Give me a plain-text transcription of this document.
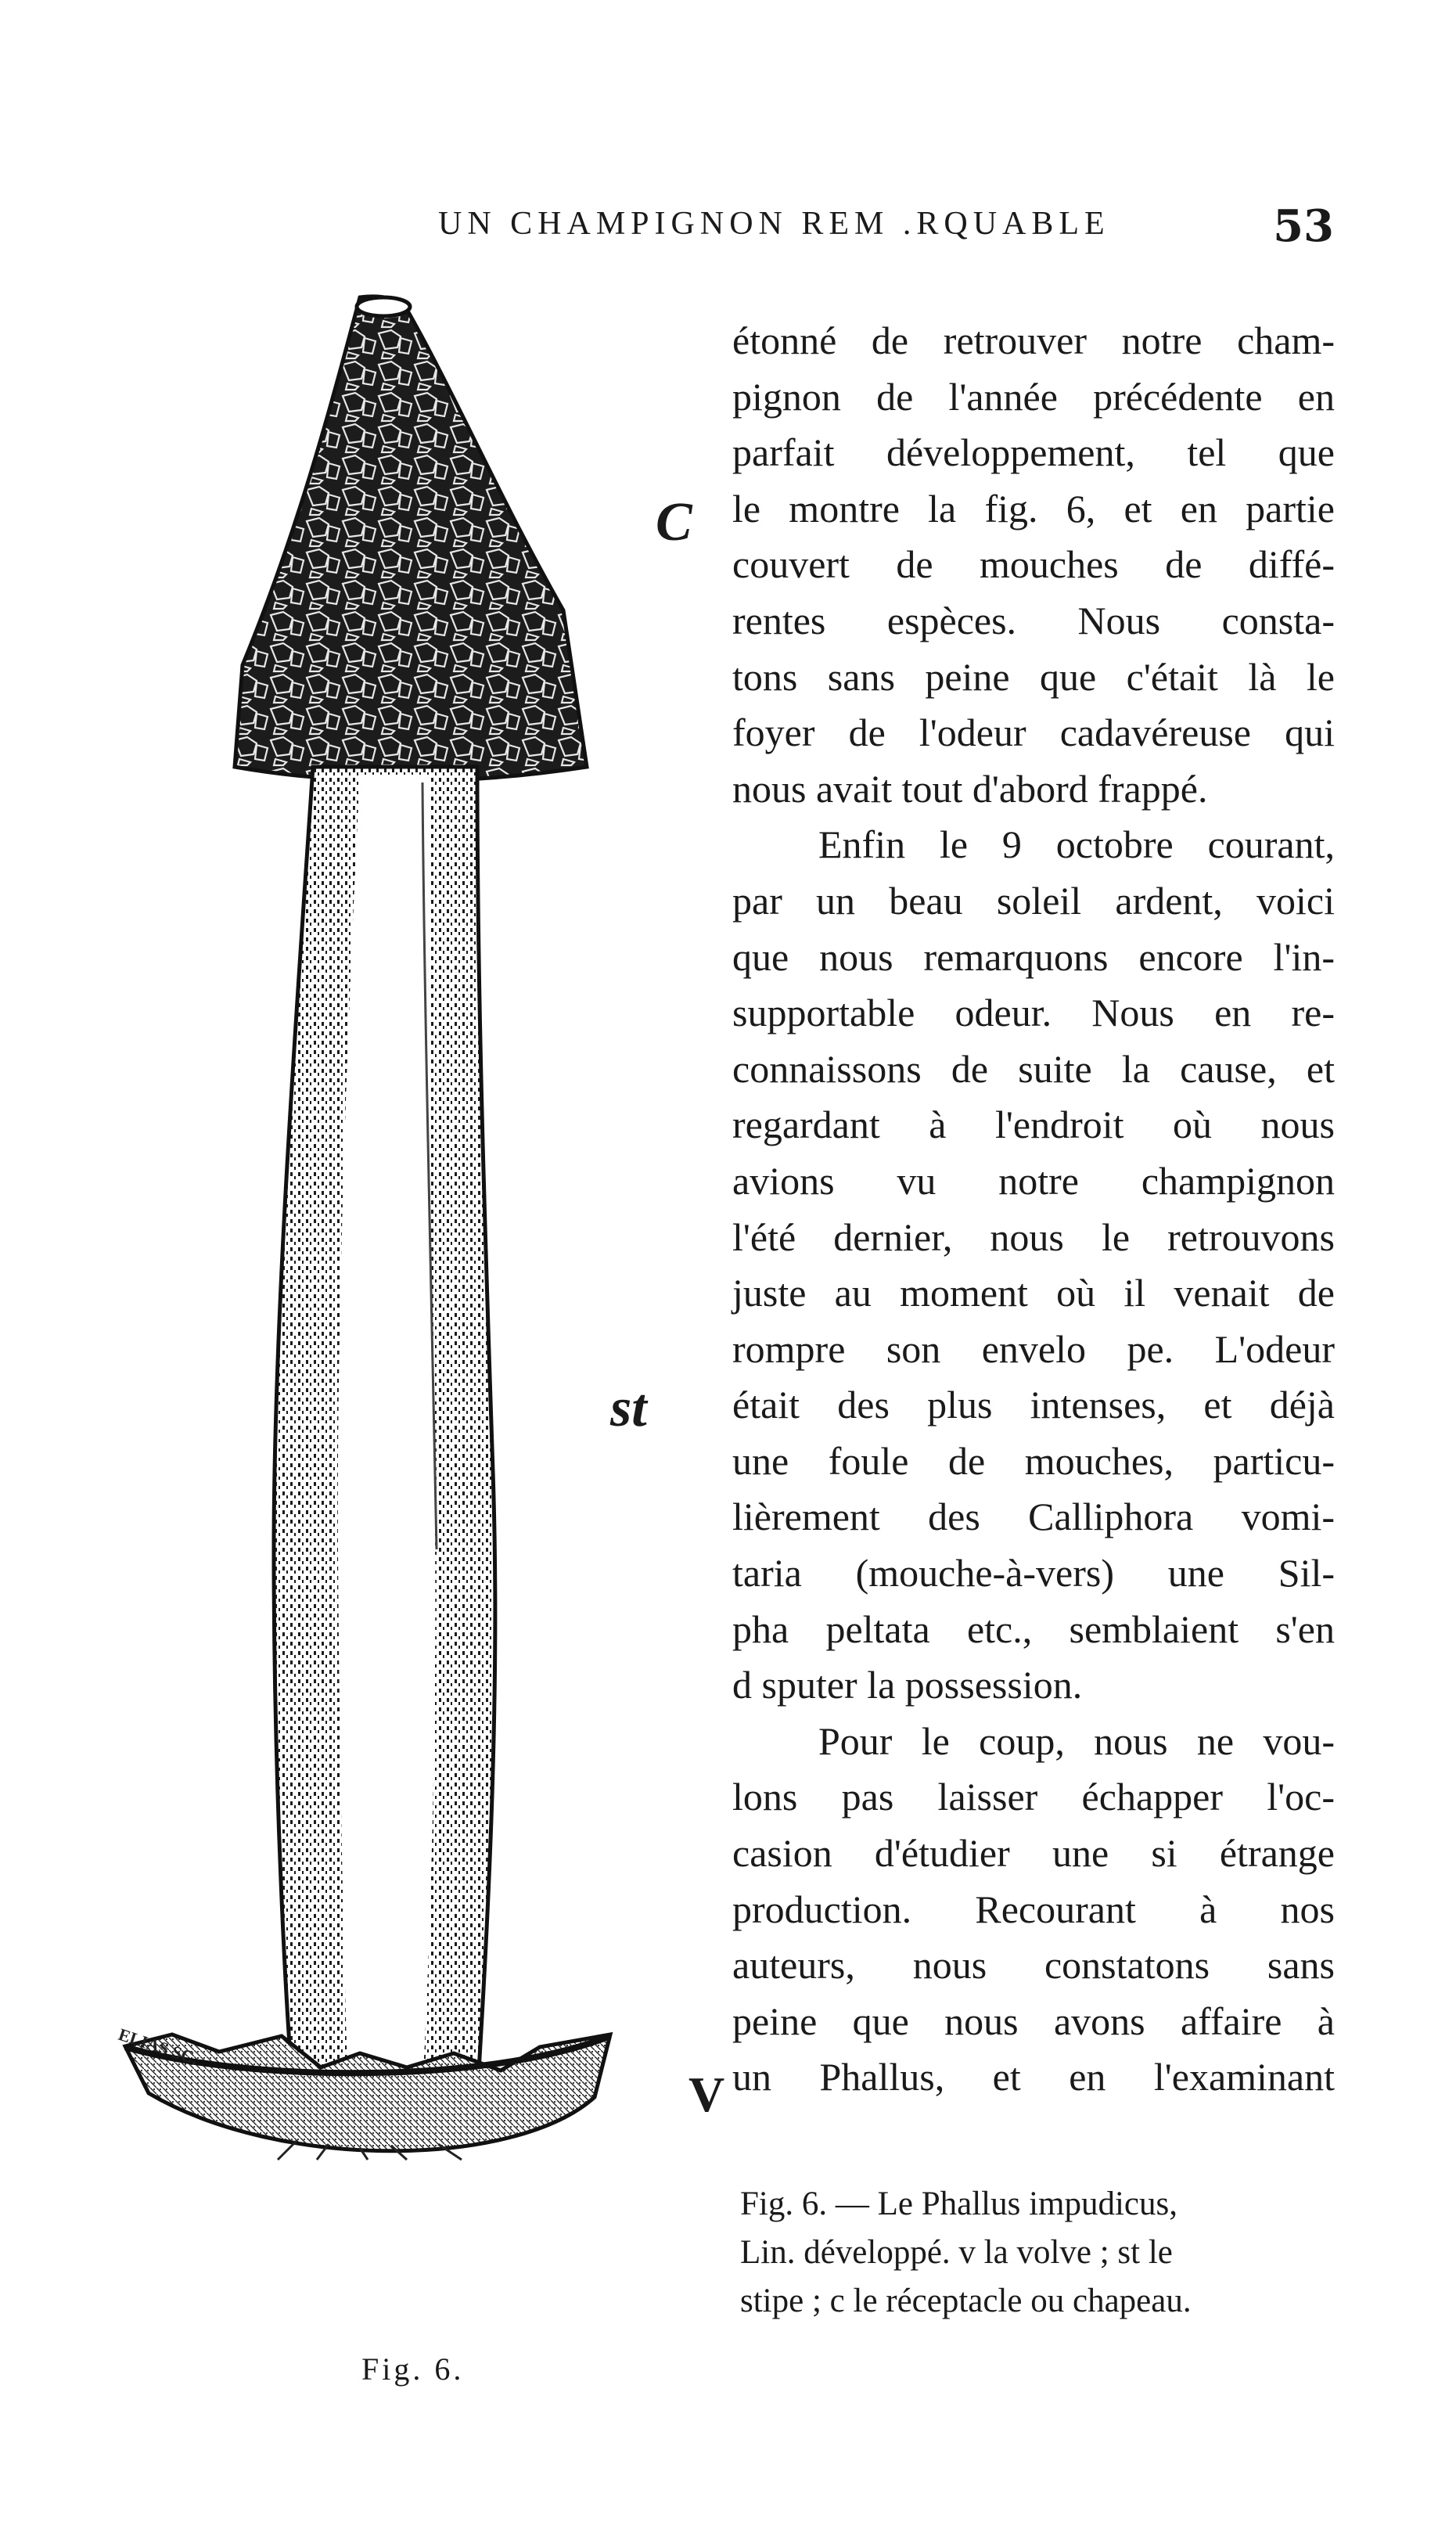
UN CHAMPIGNON REM .RQUABLE	53
ELIAS SC.
C
st
V
Fig. 6.
étonné de retrouver notre cham-
pignon de l'année précédente en
parfait développement, tel que
le montre la fig. 6, et en partie
couvert de mouches de diffé-
rentes espèces. Nous consta-
tons sans peine que c'était là le
foyer de l'odeur cadavéreuse qui
nous avait tout d'abord frappé.
Enfin le 9 octobre courant,
par un beau soleil ardent, voici
que nous remarquons encore l'in-
supportable odeur. Nous en re-
connaissons de suite la cause, et
regardant à l'endroit où nous
avions vu notre champignon
l'été dernier, nous le retrouvons
juste au moment où il venait de
rompre son envelo pe. L'odeur
était des plus intenses, et déjà
une foule de mouches, particu-
lièrement des Calliphora vomi-
taria (mouche-à-vers) une Sil-
pha peltata etc., semblaient s'en
d sputer la possession.
Pour le coup, nous ne vou-
lons pas laisser échapper l'oc-
casion d'étudier une si étrange
production. Recourant à nos
auteurs, nous constatons sans
peine que nous avons affaire à
un Phallus, et en l'examinant
Fig. 6. — Le Phallus impudicus,
Lin. développé. v la volve ; st le
stipe ; c le réceptacle ou chapeau.
